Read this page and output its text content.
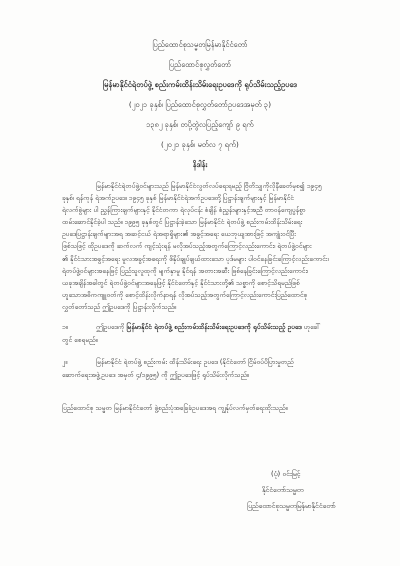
ပြည်ထောင်စုသမ္မတမြန်မာနိုင်ငံတော်
ပြည်ထောင်စုလွှတ်တော်
မြန်မာနိုင်ငံရဲတပ်ဖွဲ့ စည်းကမ်းထိန်းသိမ်းရေးဥပဒေကို ရုပ်သိမ်းသည့်ဥပဒေ
(၂၀၂၁ ခုနှစ်၊ ပြည်ထောင်စုလွှတ်တော်ဥပဒေအမှတ် ၃)
၁၃၈၂ ခုနှစ်၊ တပို့တွဲလပြည့်ကျော် ၉ ရက်
(၂၀၂၁ ခုနှစ်၊ မတ်လ ၇ ရက်)
နိဒါန်း
မြန်မာနိုင်ငံရဲတပ်ဖွဲ့ဝင်များသည် မြန်မာနိုင်ငံလွတ်လပ်ရေးရမည့် ဗြိတိသျှကိုလိုနီခေတ်မှစ၍ ၁၉၄၅
ခုနှစ်၊ ရန်ကုန် ရဲအက်ဥပဒေ၊ ၁၉၄၅ ခုနှစ် မြန်မာနိုင်ငံရဲအက်ဥပဒေတို့ပြဋ္ဌာန်းချက်များနှင့် မြန်မာနိုင်ငံ
ရဲလက်စွဲများ ပါ ညွှန်ကြားချက်များနှင့် နိုင်ငံတကာ ရဲလုပ်ငန်း စံချိန် စံညွှန်းများနှင့်အညီ တာဝန်ကျေပွန်စွာ
ထမ်းဆောင်နိုင်ခဲ့ပါ သည်။ ၁၉၉၅ ခုနှစ်တွင် ပြဋ္ဌာန်းခဲ့သော မြန်မာနိုင်ငံ ရဲတပ်ဖွဲ့ စည်းကမ်းထိန်းသိမ်းရေး
ဥပဒေပြဋ္ဌာန်းချက်များအရ အဆင့်ငယ် ရဲအရာရှိများ၏ အခွင့်အရေး ယေဘုယျအားဖြင့် အကျုံးဝင်ပြီး
ဖြစ်သဖြင့် ထိုဥပဒေကို ဆက်လက် ကျင့်သုံးရန် မလိုအပ်သည့်အတွက်ကြောင့်လည်းကောင်း၊ ရဲတပ်ဖွဲ့ဝင်များ
၏ နိုင်ငံသားအခွင့်အရေး မူလအခွင့်အရေးကို ဖိနှိပ်ချုပ်ချယ်ထားသော ပုဒ်မများ ပါဝင်နေခြင်းကြောင့်လည်းကောင်း၊
ရဲတပ်ဖွဲ့ဝင်များအနေဖြင့် ပြည်သူလူထုကို မျက်နှာမူ နိုင်ရန် အတားအဆီး ဖြစ်နေခြင်းကြောင့်လည်းကောင်း၊
ယခုအချိန်အခါတွင် ရဲတပ်ဖွဲ့ဝင်များအနေဖြင့် နိုင်ငံတော်နှင့် နိုင်ငံသားတို့၏ သစ္စာကို စောင့်သိရမည်ဖြစ်
ဟူသောအဓိကကျူဝတ်ကို စောင့်ထိန်းလိုက်နာရန် လိုအပ်သည့်အတွက်ကြောင့်လည်းကောင်းပြည်ထောင်စု
လွှတ်တော်သည် ဤဥပဒေကို ပြဋ္ဌာန်းလိုက်သည်။
၁။	ဤဥပဒေကို မြန်မာနိုင်ငံ ရဲတပ်ဖွဲ့ စည်းကမ်းထိန်းသိမ်းရေးဥပဒေကို ရုပ်သိမ်းသည့် ဥပဒေ ဟုခေါ်
တွင် စေရမည်။
၂။	မြန်မာနိုင်ငံ ရဲတပ်ဖွဲ့ စည်းကမ်း ထိန်းသိမ်းရေး ဥပဒေ (နိုင်ငံတော် ငြိမ်ဝပ်ပိပြားမှုတည်
ဆောက်ရေးအဖွဲ့ဥပဒေ အမှတ် ၄/၁၉၉၅) ကို ဤဥပဒေဖြင့် ရုပ်သိမ်းလိုက်သည်။
ပြည်ထောင်စု သမ္မတ မြန်မာနိုင်ငံတော် ဖွဲ့စည်းပုံအခြေခံဥပဒေအရ ကျွန်ုပ်လက်မှတ်ရေးထိုးသည်။
(ပုံ) ဝင်းမြင့်
နိုင်ငံတော်သမ္မတ
ပြည်ထောင်စုသမ္မတမြန်မာနိုင်ငံတော်
